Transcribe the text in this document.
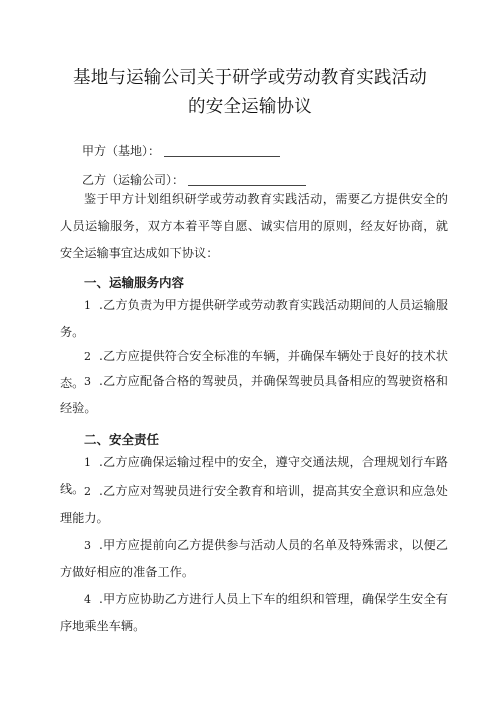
基地与运输公司关于研学或劳动教育实践活动
的安全运输协议
甲方（基地）：
乙方（运输公司）：

鉴于甲方计划组织研学或劳动教育实践活动，需要乙方提供安全的人员运输服务，双方本着平等自愿、诚实信用的原则，经友好协商，就安全运输事宜达成如下协议：

一、运输服务内容

1 .乙方负责为甲方提供研学或劳动教育实践活动期间的人员运输服务。

2 .乙方应提供符合安全标准的车辆，并确保车辆处于良好的技术状态。 3 .乙方应配备合格的驾驶员，并确保驾驶员具备相应的驾驶资格和经验。

二、安全责任

1 .乙方应确保运输过程中的安全，遵守交通法规，合理规划行车路线。 2 .乙方应对驾驶员进行安全教育和培训，提高其安全意识和应急处理能力。

3 .甲方应提前向乙方提供参与活动人员的名单及特殊需求，以便乙方做好相应的准备工作。

4 .甲方应协助乙方进行人员上下车的组织和管理，确保学生安全有序地乘坐车辆。
